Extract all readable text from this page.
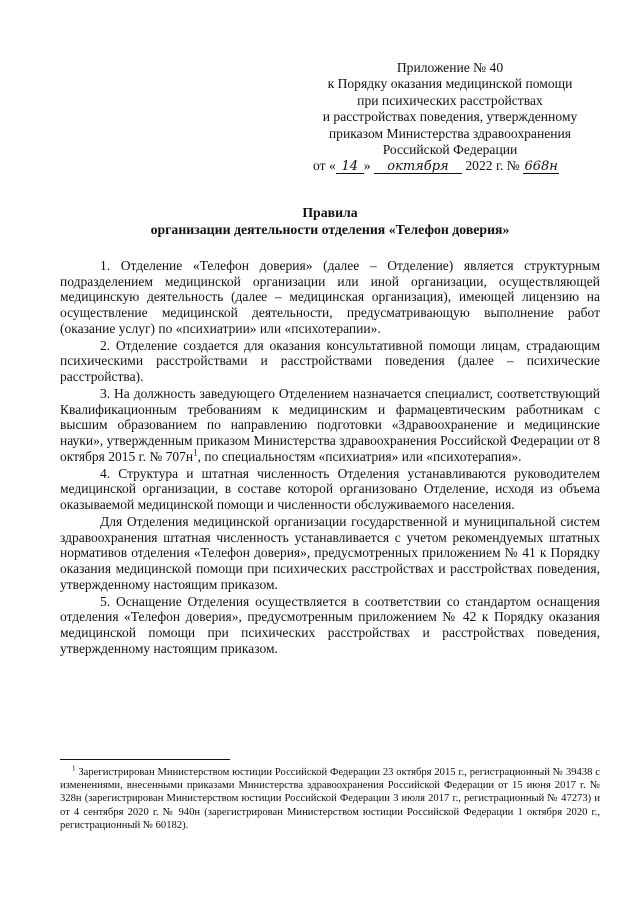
Приложение № 40
к Порядку оказания медицинской помощи
при психических расстройствах
и расстройствах поведения, утвержденному
приказом Министерства здравоохранения
Российской Федерации
от « 14 » октября 2022 г. № 668н
Правила
организации деятельности отделения «Телефон доверия»

1. Отделение «Телефон доверия» (далее – Отделение) является структурным подразделением медицинской организации или иной организации, осуществляющей медицинскую деятельность (далее – медицинская организация), имеющей лицензию на осуществление медицинской деятельности, предусматривающую выполнение работ (оказание услуг) по «психиатрии» или «психотерапии».

2. Отделение создается для оказания консультативной помощи лицам, страдающим психическими расстройствами и расстройствами поведения (далее – психические расстройства).

3. На должность заведующего Отделением назначается специалист, соответствующий Квалификационным требованиям к медицинским и фармацевтическим работникам с высшим образованием по направлению подготовки «Здравоохранение и медицинские науки», утвержденным приказом Министерства здравоохранения Российской Федерации от 8 октября 2015 г. № $707н^1$, по специальностям «психиатрия» или «психотерапия».

4. Структура и штатная численность Отделения устанавливаются руководителем медицинской организации, в составе которой организовано Отделение, исходя из объема оказываемой медицинской помощи и численности обслуживаемого населения.

Для Отделения медицинской организации государственной и муниципальной систем здравоохранения штатная численность устанавливается с учетом рекомендуемых штатных нормативов отделения «Телефон доверия», предусмотренных приложением № 41 к Порядку оказания медицинской помощи при психических расстройствах и расстройствах поведения, утвержденному настоящим приказом.

5. Оснащение Отделения осуществляется в соответствии со стандартом оснащения отделения «Телефон доверия», предусмотренным приложением № 42 к Порядку оказания медицинской помощи при психических расстройствах и расстройствах поведения, утвержденному настоящим приказом.

$^1$ Зарегистрирован Министерством юстиции Российской Федерации 23 октября 2015 г., регистрационный № 39438 с изменениями, внесенными приказами Министерства здравоохранения Российской Федерации от 15 июня 2017 г. № 328н (зарегистрирован Министерством юстиции Российской Федерации 3 июля 2017 г., регистрационный № 47273) и от 4 сентября 2020 г. № 940н (зарегистрирован Министерством юстиции Российской Федерации 1 октября 2020 г., регистрационный № 60182).
